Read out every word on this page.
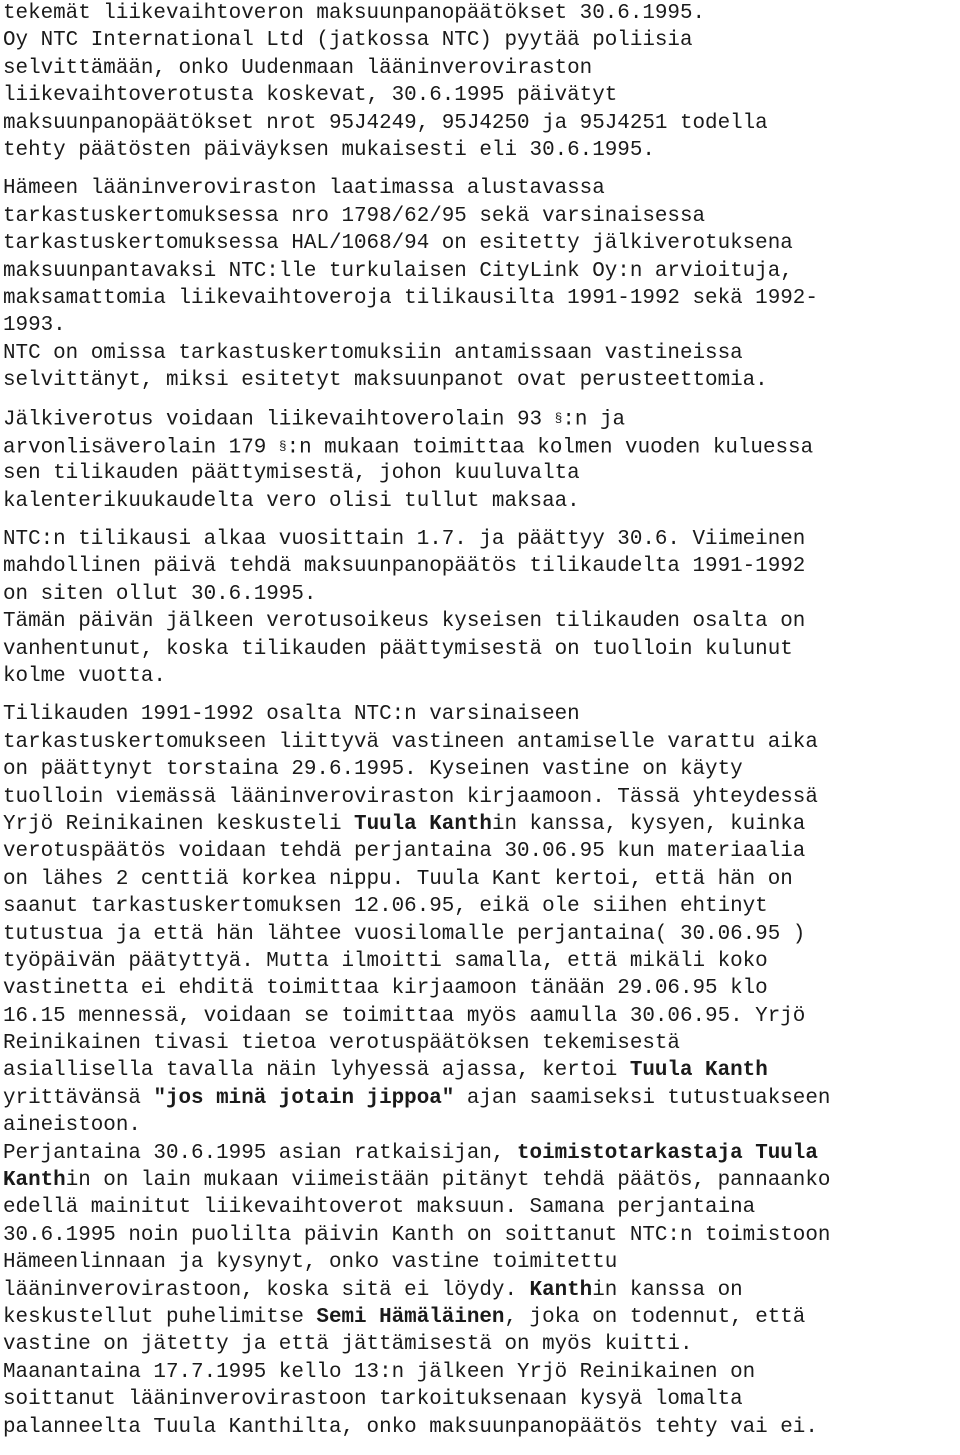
tekemät liikevaihtoveron maksuunpanopäätökset 30.6.1995.
Oy NTC International Ltd (jatkossa NTC) pyytää poliisia
selvittämään, onko Uudenmaan lääninveroviraston
liikevaihtoverotusta koskevat, 30.6.1995 päivätyt
maksuunpanopäätökset nrot 95J4249, 95J4250 ja 95J4251 todella
tehty päätösten päiväyksen mukaisesti eli 30.6.1995.
Hämeen lääninveroviraston laatimassa alustavassa
tarkastuskertomuksessa nro 1798/62/95 sekä varsinaisessa
tarkastuskertomuksessa HAL/1068/94 on esitetty jälkiverotuksena
maksuunpantavaksi NTC:lle turkulaisen CityLink Oy:n arvioituja,
maksamattomia liikevaihtoveroja tilikausilta 1991-1992 sekä 1992-
1993.
NTC on omissa tarkastuskertomuksiin antamissaan vastineissa
selvittänyt, miksi esitetyt maksuunpanot ovat perusteettomia.
Jälkiverotus voidaan liikevaihtoverolain 93 §:n ja
arvonlisäverolain 179 §:n mukaan toimittaa kolmen vuoden kuluessa
sen tilikauden päättymisestä, johon kuuluvalta
kalenterikuukaudelta vero olisi tullut maksaa.
NTC:n tilikausi alkaa vuosittain 1.7. ja päättyy 30.6. Viimeinen
mahdollinen päivä tehdä maksuunpanopäätös tilikaudelta 1991-1992
on siten ollut 30.6.1995.
Tämän päivän jälkeen verotusoikeus kyseisen tilikauden osalta on
vanhentunut, koska tilikauden päättymisestä on tuolloin kulunut
kolme vuotta.
Tilikauden 1991-1992 osalta NTC:n varsinaiseen
tarkastuskertomukseen liittyvä vastineen antamiselle varattu aika
on päättynyt torstaina 29.6.1995. Kyseinen vastine on käyty
tuolloin viemässä lääninveroviraston kirjaamoon. Tässä yhteydessä
Yrjö Reinikainen keskusteli Tuula Kanthin kanssa, kysyen, kuinka
verotuspäätös voidaan tehdä perjantaina 30.06.95 kun materiaalia
on lähes 2 centtiä korkea nippu. Tuula Kant kertoi, että hän on
saanut tarkastuskertomuksen 12.06.95, eikä ole siihen ehtinyt
tutustua ja että hän lähtee vuosilomalle perjantaina( 30.06.95 )
työpäivän päätyttyä. Mutta ilmoitti samalla, että mikäli koko
vastinetta ei ehditä toimittaa kirjaamoon tänään 29.06.95 klo
16.15 mennessä, voidaan se toimittaa myös aamulla 30.06.95. Yrjö
Reinikainen tivasi tietoa verotuspäätöksen tekemisestä
asiallisella tavalla näin lyhyessä ajassa, kertoi Tuula Kanth
yrittävänsä "jos minä jotain jippoa" ajan saamiseksi tutustuakseen
aineistoon.
Perjantaina 30.6.1995 asian ratkaisijan, toimistotarkastaja Tuula
Kanthin on lain mukaan viimeistään pitänyt tehdä päätös, pannaanko
edellä mainitut liikevaihtoverot maksuun. Samana perjantaina
30.6.1995 noin puolilta päivin Kanth on soittanut NTC:n toimistoon
Hämeenlinnaan ja kysynyt, onko vastine toimitettu
lääninverovirastoon, koska sitä ei löydy. Kanthin kanssa on
keskustellut puhelimitse Semi Hämäläinen, joka on todennut, että
vastine on jätetty ja että jättämisestä on myös kuitti.
Maanantaina 17.7.1995 kello 13:n jälkeen Yrjö Reinikainen on
soittanut lääninverovirastoon tarkoituksenaan kysyä lomalta
palanneelta Tuula Kanthilta, onko maksuunpanopäätös tehty vai ei.
